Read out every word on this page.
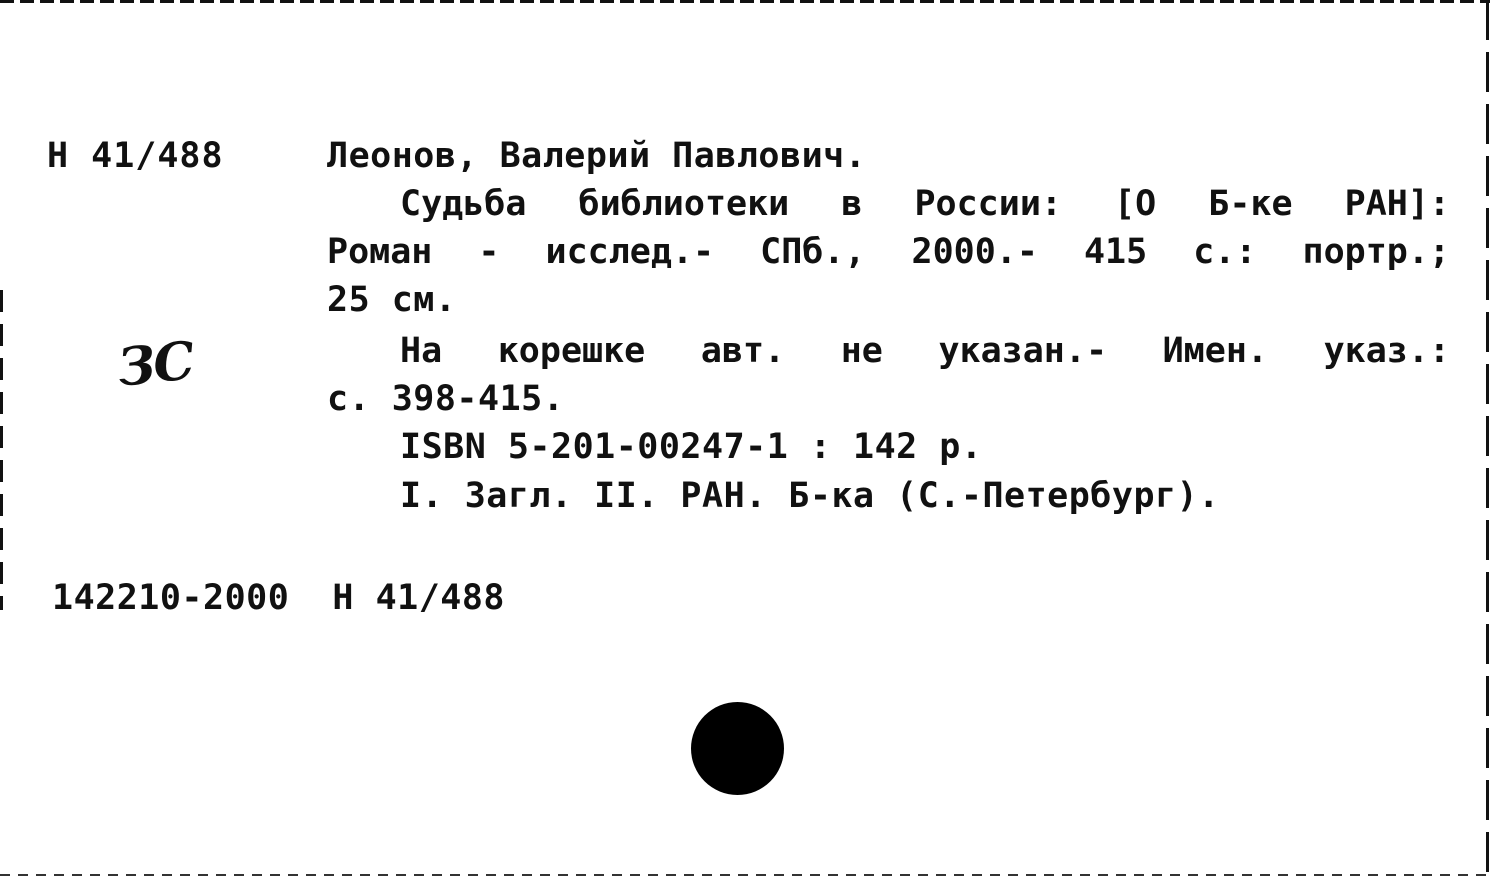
Н 41/488	Леонов, Валерий Павлович.
Судьба библиотеки в России: [О Б-ке РАН]:
Роман - исслед.- СПб., 2000.- 415 с.: портр.;
25 см.
ЗС	На корешке авт. не указан.- Имен. указ.:
с. 398-415.
ISBN 5-201-00247-1 : 142 р.
I. Загл. II. РАН. Б-ка (С.-Петербург).
142210-2000  Н 41/488
